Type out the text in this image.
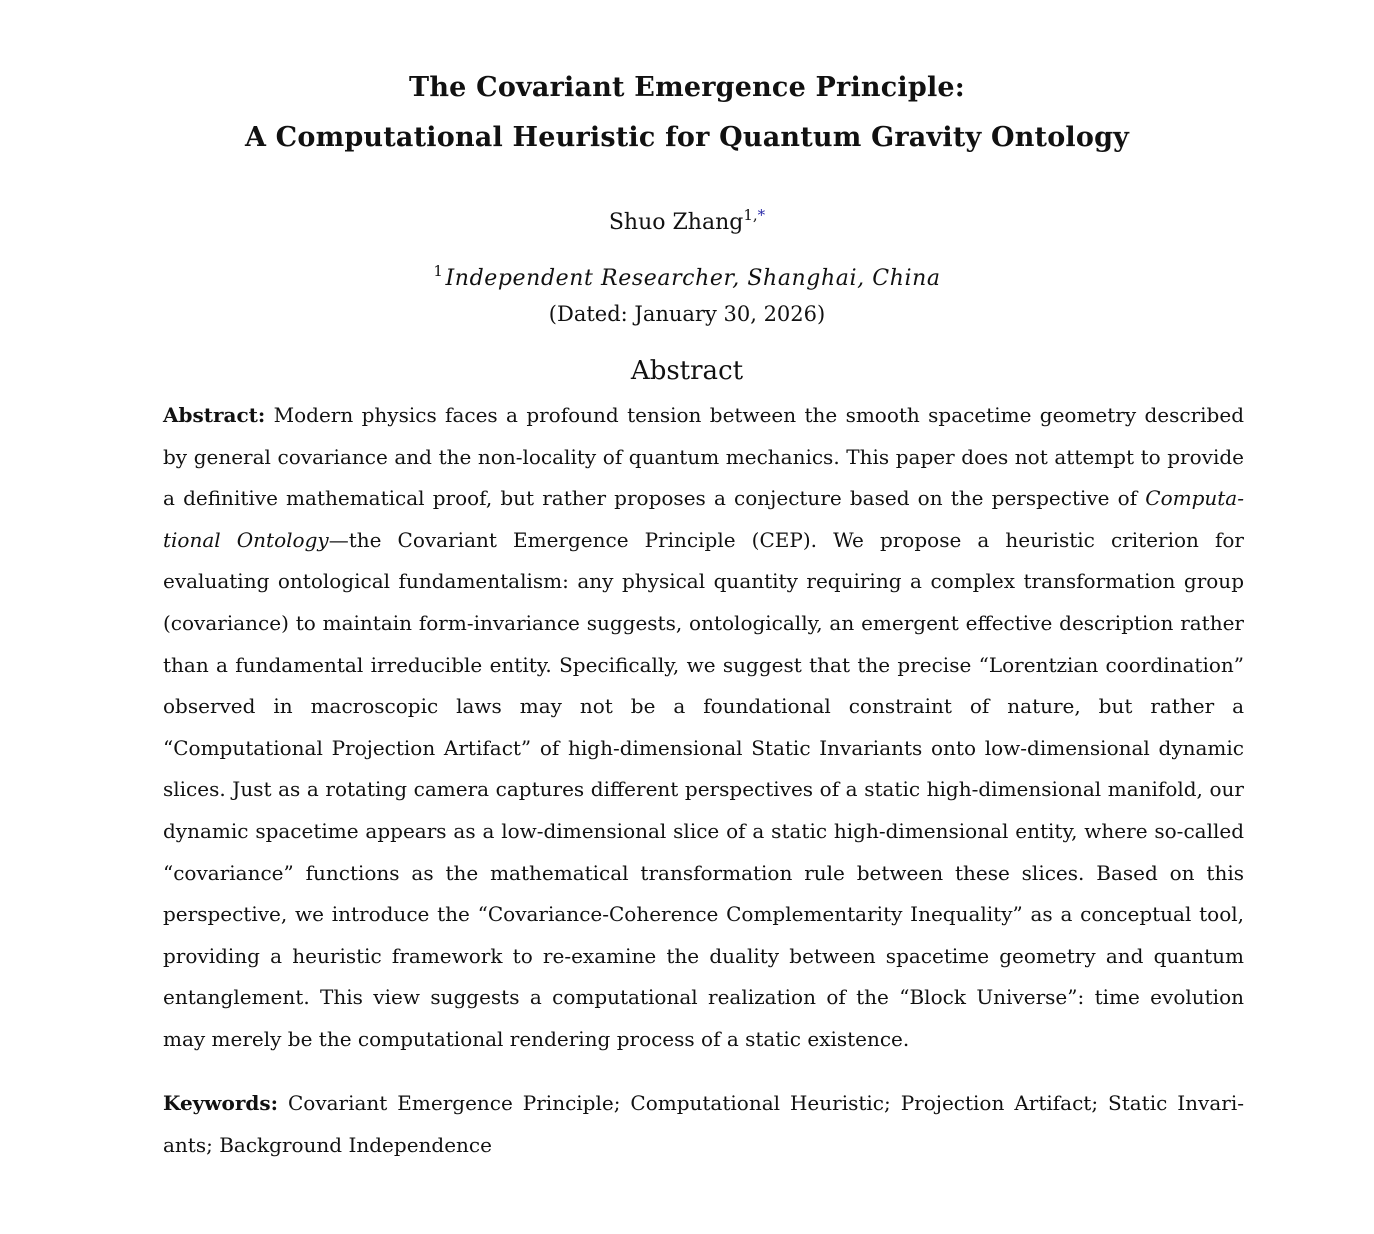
The Covariant Emergence Principle:
A Computational Heuristic for Quantum Gravity Ontology
Shuo Zhang$^{1,*}$
$^1$Independent Researcher, Shanghai, China
(Dated: January 30, 2026)
Abstract
Abstract: Modern physics faces a profound tension between the smooth spacetime geometry described by general covariance and the non-locality of quantum mechanics. This paper does not attempt to provide a definitive mathematical proof, but rather proposes a conjecture based on the perspective of Computational Ontology—the Covariant Emergence Principle (CEP). We propose a heuristic criterion for evaluating ontological fundamentalism: any physical quantity requiring a complex transformation group (covariance) to maintain form-invariance suggests, ontologically, an emergent effective description rather than a fundamental irreducible entity. Specifically, we suggest that the precise “Lorentzian coordination” observed in macroscopic laws may not be a foundational constraint of nature, but rather a “Computational Projection Artifact” of high-dimensional Static Invariants onto low-dimensional dynamic slices. Just as a rotating camera captures different perspectives of a static high-dimensional manifold, our dynamic spacetime appears as a low-dimensional slice of a static high-dimensional entity, where so-called “covariance” functions as the mathematical transformation rule between these slices. Based on this perspective, we introduce the “Covariance-Coherence Complementarity Inequality” as a conceptual tool, providing a heuristic framework to re-examine the duality between spacetime geometry and quantum entanglement. This view suggests a computational realization of the “Block Universe”: time evolution may merely be the computational rendering process of a static existence.
Keywords: Covariant Emergence Principle; Computational Heuristic; Projection Artifact; Static Invariants; Background Independence
